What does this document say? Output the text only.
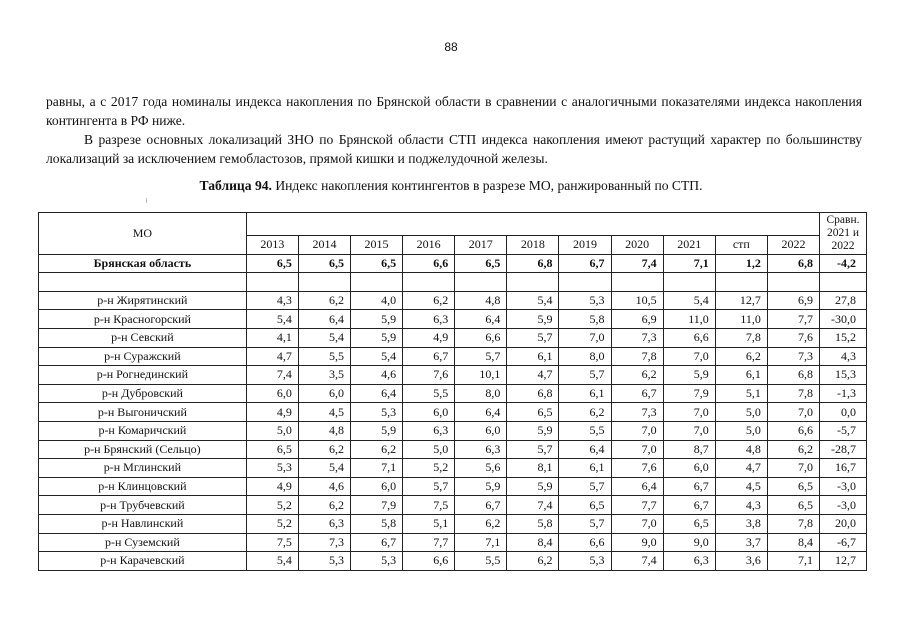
88
равны, а с 2017 года номиналы индекса накопления по Брянской области в сравнении с аналогичными показателями индекса накопления контингента в РФ ниже.
В разрезе основных локализаций ЗНО по Брянской области СТП индекса накопления имеют растущий характер по большинству локализаций за исключением гемобластозов, прямой кишки и поджелудочной железы.
Таблица 94. Индекс накопления контингентов в разрезе МО, ранжированный по СТП.
МО												Сравн. 2021 и 2022
	2013	2014	2015	2016	2017	2018	2019	2020	2021	стп	2022	
Брянская область	6,5	6,5	6,5	6,6	6,5	6,8	6,7	7,4	7,1	1,2	6,8	-4,2

р-н Жирятинский	4,3	6,2	4,0	6,2	4,8	5,4	5,3	10,5	5,4	12,7	6,9	27,8
р-н Красногорский	5,4	6,4	5,9	6,3	6,4	5,9	5,8	6,9	11,0	11,0	7,7	-30,0
р-н Севский	4,1	5,4	5,9	4,9	6,6	5,7	7,0	7,3	6,6	7,8	7,6	15,2
р-н Суражский	4,7	5,5	5,4	6,7	5,7	6,1	8,0	7,8	7,0	6,2	7,3	4,3
р-н Рогнединский	7,4	3,5	4,6	7,6	10,1	4,7	5,7	6,2	5,9	6,1	6,8	15,3
р-н Дубровский	6,0	6,0	6,4	5,5	8,0	6,8	6,1	6,7	7,9	5,1	7,8	-1,3
р-н Выгоничский	4,9	4,5	5,3	6,0	6,4	6,5	6,2	7,3	7,0	5,0	7,0	0,0
р-н Комаричский	5,0	4,8	5,9	6,3	6,0	5,9	5,5	7,0	7,0	5,0	6,6	-5,7
р-н Брянский (Сельцо)	6,5	6,2	6,2	5,0	6,3	5,7	6,4	7,0	8,7	4,8	6,2	-28,7
р-н Мглинский	5,3	5,4	7,1	5,2	5,6	8,1	6,1	7,6	6,0	4,7	7,0	16,7
р-н Клинцовский	4,9	4,6	6,0	5,7	5,9	5,9	5,7	6,4	6,7	4,5	6,5	-3,0
р-н Трубчевский	5,2	6,2	7,9	7,5	6,7	7,4	6,5	7,7	6,7	4,3	6,5	-3,0
р-н Навлинский	5,2	6,3	5,8	5,1	6,2	5,8	5,7	7,0	6,5	3,8	7,8	20,0
р-н Суземский	7,5	7,3	6,7	7,7	7,1	8,4	6,6	9,0	9,0	3,7	8,4	-6,7
р-н Карачевский	5,4	5,3	5,3	6,6	5,5	6,2	5,3	7,4	6,3	3,6	7,1	12,7
